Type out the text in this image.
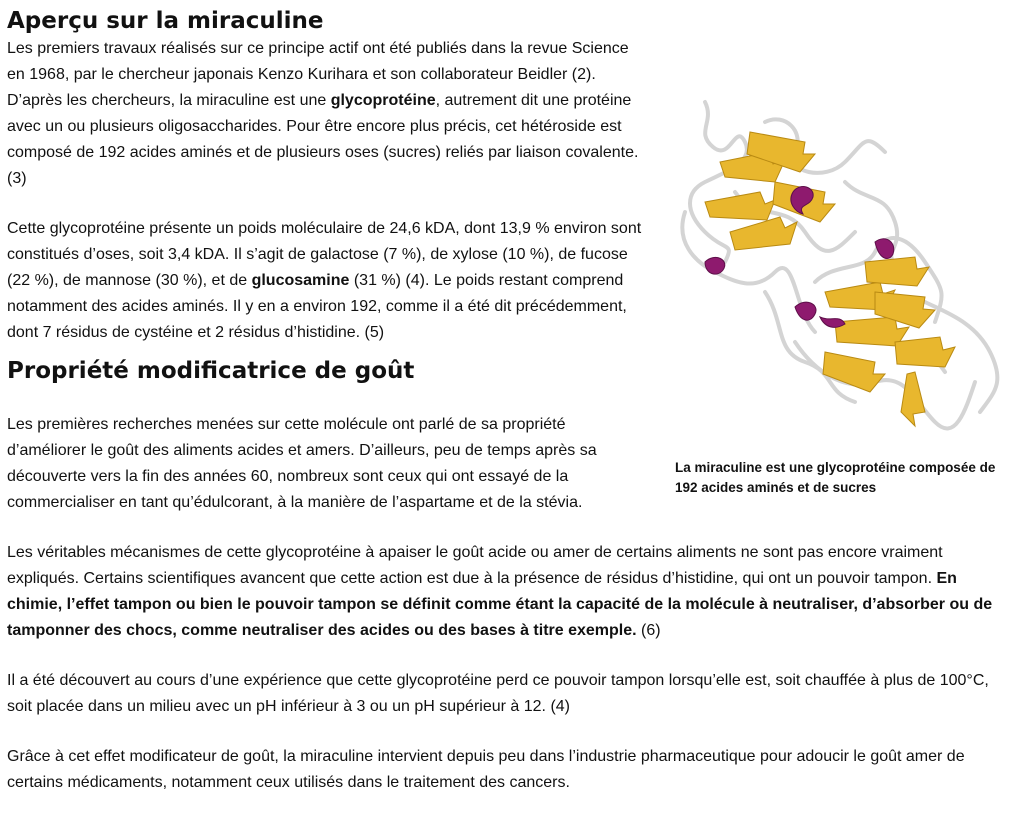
Aperçu sur la miraculine
La miraculine est une glycoprotéine composée de 192 acides aminés et de sucres

Les premiers travaux réalisés sur ce principe actif ont été publiés dans la revue Science en 1968, par le chercheur japonais Kenzo Kurihara et son collaborateur Beidler (2). D’après les chercheurs, la miraculine est une glycoprotéine, autrement dit une protéine avec un ou plusieurs oligosaccharides. Pour être encore plus précis, cet hétéroside est composé de 192 acides aminés et de plusieurs oses (sucres) reliés par liaison covalente. (3)

Cette glycoprotéine présente un poids moléculaire de 24,6 kDA, dont 13,9 % environ sont constitués d’oses, soit 3,4 kDA. Il s’agit de galactose (7 %), de xylose (10 %), de fucose (22 %), de mannose (30 %), et de glucosamine (31 %) (4). Le poids restant comprend notamment des acides aminés. Il y en a environ 192, comme il a été dit précédemment, dont 7 résidus de cystéine et 2 résidus d’histidine. (5)

Propriété modificatrice de goût

Les premières recherches menées sur cette molécule ont parlé de sa propriété d’améliorer le goût des aliments acides et amers. D’ailleurs, peu de temps après sa découverte vers la fin des années 60, nombreux sont ceux qui ont essayé de la commercialiser en tant qu’édulcorant, à la manière de l’aspartame et de la stévia.

Les véritables mécanismes de cette glycoprotéine à apaiser le goût acide ou amer de certains aliments ne sont pas encore vraiment expliqués. Certains scientifiques avancent que cette action est due à la présence de résidus d’histidine, qui ont un pouvoir tampon. En chimie, l’effet tampon ou bien le pouvoir tampon se définit comme étant la capacité de la molécule à neutraliser, d’absorber ou de tamponner des chocs, comme neutraliser des acides ou des bases à titre exemple. (6)

Il a été découvert au cours d’une expérience que cette glycoprotéine perd ce pouvoir tampon lorsqu’elle est, soit chauffée à plus de 100°C, soit placée dans un milieu avec un pH inférieur à 3 ou un pH supérieur à 12. (4)

Grâce à cet effet modificateur de goût, la miraculine intervient depuis peu dans l’industrie pharmaceutique pour adoucir le goût amer de certains médicaments, notamment ceux utilisés dans le traitement des cancers.
